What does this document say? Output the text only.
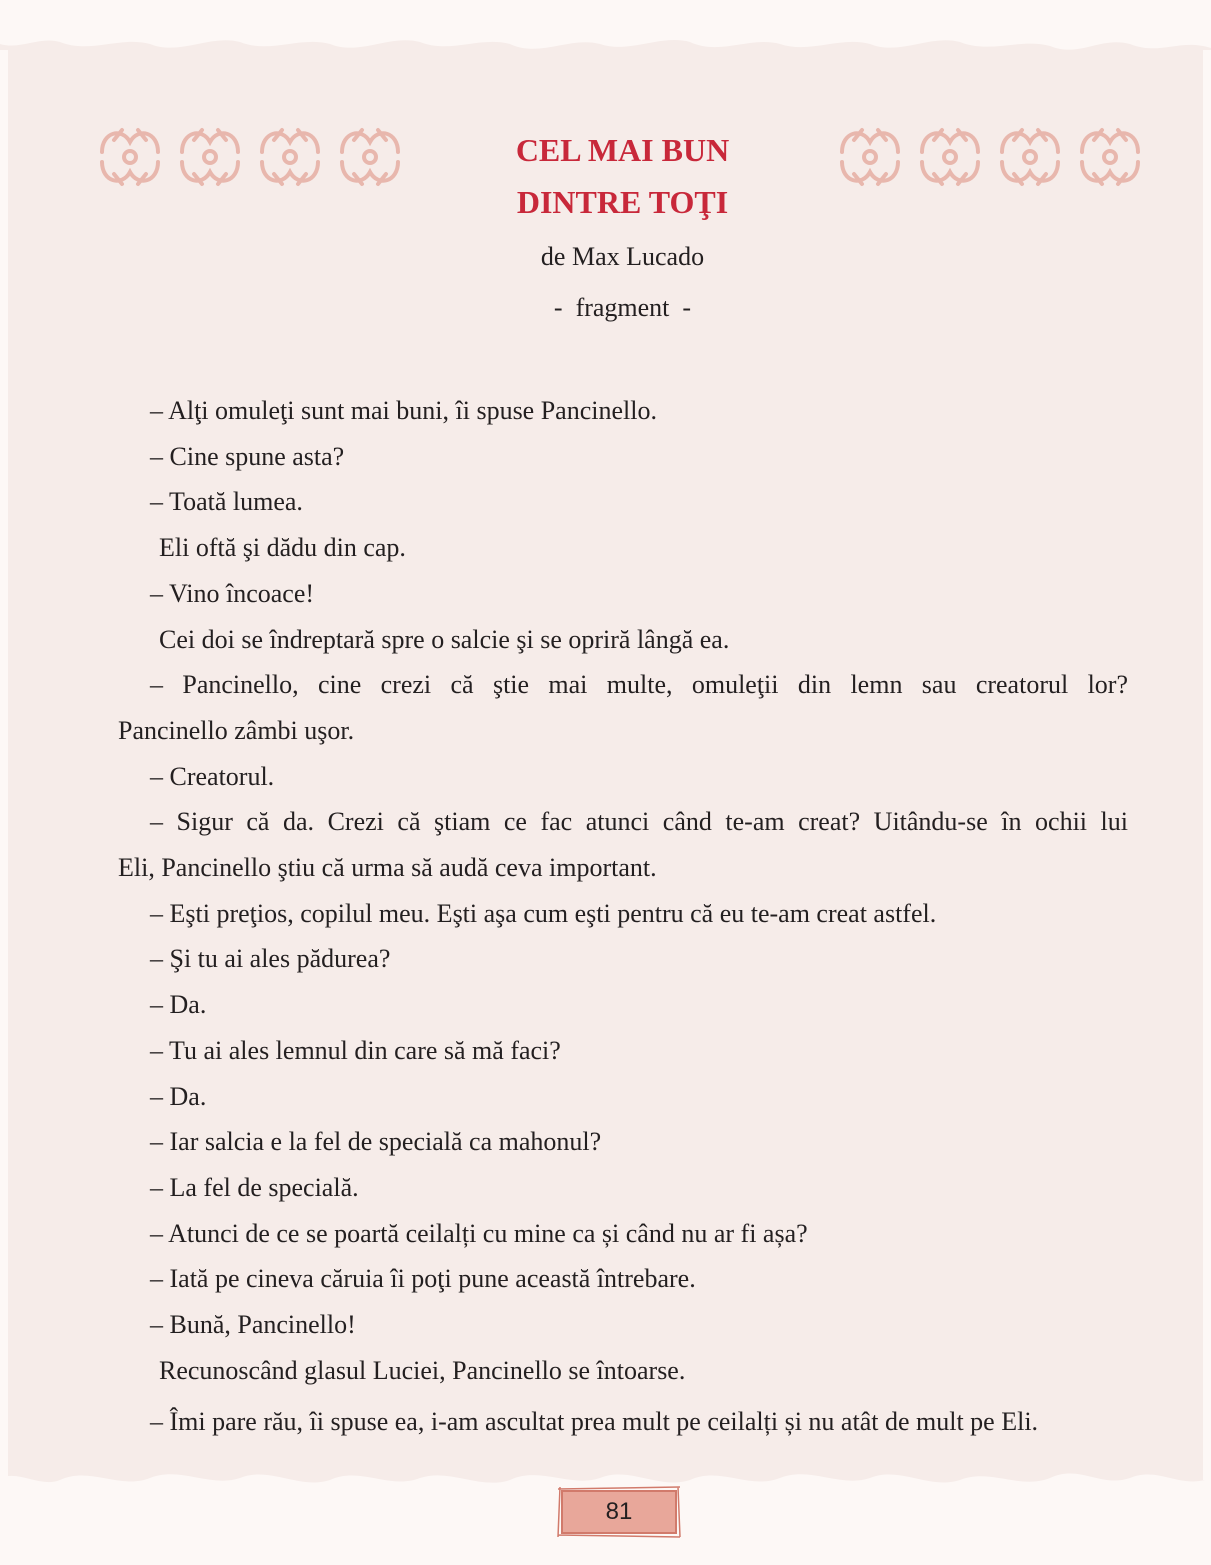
CEL MAI BUN
DINTRE TOŢI
de Max Lucado
-  fragment  -
– Alţi omuleţi sunt mai buni, îi spuse Pancinello.
– Cine spune asta?
– Toată lumea.
Eli oftă şi dădu din cap.
– Vino încoace!
Cei doi se îndreptară spre o salcie şi se opriră lângă ea.
– Pancinello, cine crezi că ştie mai multe, omuleţii din lemn sau creatorul lor?
Pancinello zâmbi uşor.
– Creatorul.
– Sigur că da. Crezi că ştiam ce fac atunci când te-am creat? Uitându-se în ochii lui
Eli, Pancinello ştiu că urma să audă ceva important.
– Eşti preţios, copilul meu. Eşti aşa cum eşti pentru că eu te-am creat astfel.
– Şi tu ai ales pădurea?
– Da.
– Tu ai ales lemnul din care să mă faci?
– Da.
– Iar salcia e la fel de specială ca mahonul?
– La fel de specială.
– Atunci de ce se poartă ceilalți cu mine ca și când nu ar fi așa?
– Iată pe cineva căruia îi poţi pune această întrebare.
– Bună, Pancinello!
Recunoscând glasul Luciei, Pancinello se întoarse.
– Îmi pare rău, îi spuse ea, i-am ascultat prea mult pe ceilalți și nu atât de mult pe Eli.
81
